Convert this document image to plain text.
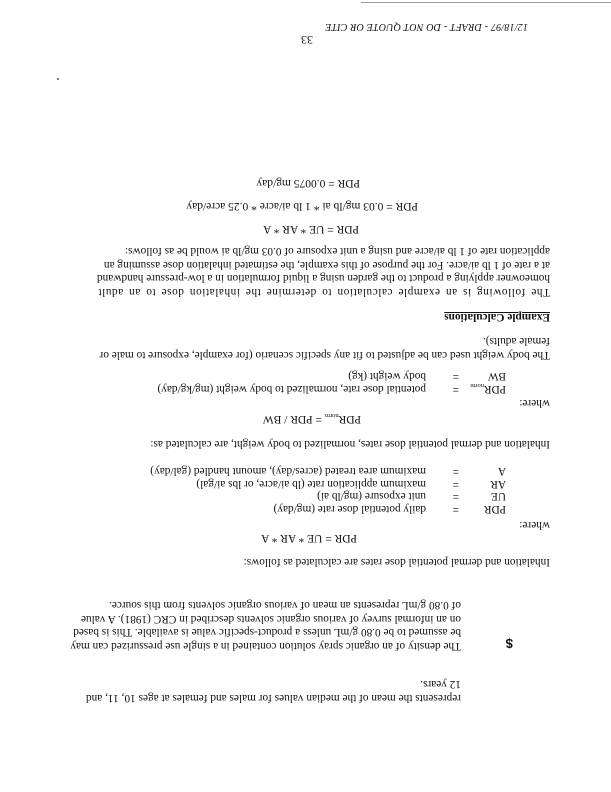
represents the mean of the median values for males and females at ages 10, 11, and
12 years.
$
The density of an organic spray solution contained in a single use pressurized can may
be assumed to be 0.80 g/mL unless a product-specific value is available. This is based
on an informal survey of various organic solvents described in CRC (1981). A value
of 0.80 g/mL represents an mean of various organic solvents from this source.
Inhalation and dermal potential dose rates are calculated as follows:
PDR = UE * AR * A
where:
PDR
=
daily potential dose rate (mg/day)
UE
=
unit exposure (mg/lb ai)
AR
=
maximum application rate (lb ai/acre, or lbs ai/gal)
A
=
maximum area treated (acres/day), amount handled (gal/day)
Inhalation and dermal potential dose rates, normalized to body weight, are calculated as:
$PDR_{norm}$ = PDR / BW
where:
$PDR_{norm}$
=
potential dose rate, normalized to body weight (mg/kg/day)
BW
=
body weight (kg)
The body weight used can be adjusted to fit any specific scenario (for example, exposure to male or
female adults).
Example Calculations
The following is an example calculation to determine the inhalation dose to an adult
homeowner applying a product to the garden using a liquid formulation in a low-pressure handwand
at a rate of 1 lb ai/acre. For the purpose of this example, the estimated inhalation dose assuming an
application rate of 1 lb ai/acre and using a unit exposure of 0.03 mg/lb ai would be as follows:
PDR = UE * AR * A
PDR = 0.03 mg/lb ai * 1 lb ai/acre * 0.25 acre/day
PDR = 0.0075 mg/day
33
12/18/97 - DRAFT - DO NOT QUOTE OR CITE
